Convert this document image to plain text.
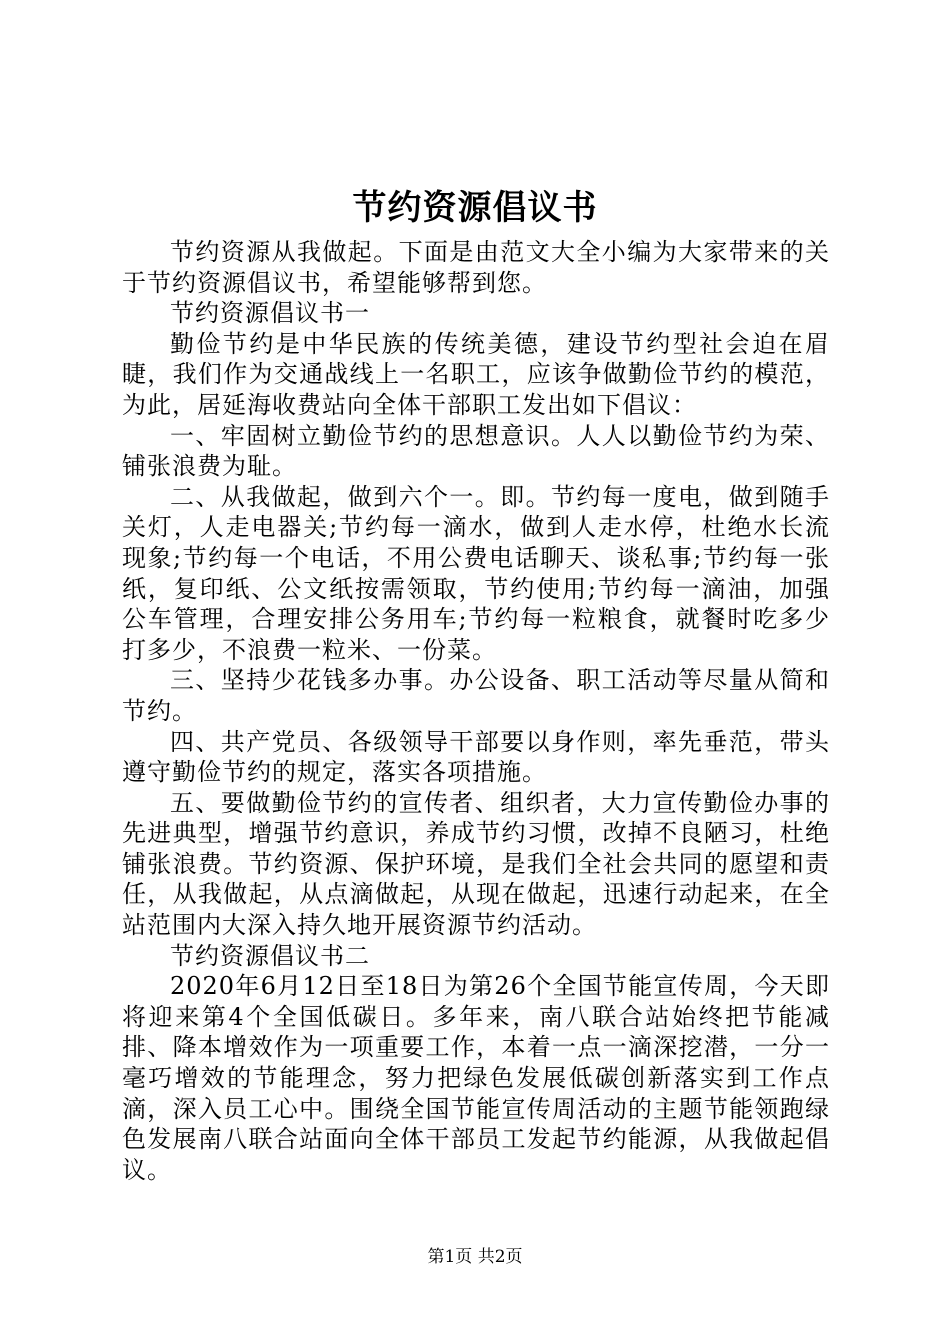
节约资源倡议书

节约资源从我做起。下面是由范文大全小编为大家带来的关于节约资源倡议书，希望能够帮到您。

节约资源倡议书一

勤俭节约是中华民族的传统美德，建设节约型社会迫在眉睫，我们作为交通战线上一名职工，应该争做勤俭节约的模范，为此，居延海收费站向全体干部职工发出如下倡议：

一、牢固树立勤俭节约的思想意识。人人以勤俭节约为荣、铺张浪费为耻。

二、从我做起，做到六个一。即。节约每一度电，做到随手关灯，人走电器关;节约每一滴水，做到人走水停，杜绝水长流现象;节约每一个电话，不用公费电话聊天、谈私事;节约每一张纸，复印纸、公文纸按需领取，节约使用;节约每一滴油，加强公车管理，合理安排公务用车;节约每一粒粮食，就餐时吃多少打多少，不浪费一粒米、一份菜。

三、坚持少花钱多办事。办公设备、职工活动等尽量从简和节约。

四、共产党员、各级领导干部要以身作则，率先垂范，带头遵守勤俭节约的规定，落实各项措施。

五、要做勤俭节约的宣传者、组织者，大力宣传勤俭办事的先进典型，增强节约意识，养成节约习惯，改掉不良陋习，杜绝铺张浪费。节约资源、保护环境，是我们全社会共同的愿望和责任，从我做起，从点滴做起，从现在做起，迅速行动起来，在全站范围内大深入持久地开展资源节约活动。

节约资源倡议书二

2020年6月12日至18日为第26个全国节能宣传周，今天即将迎来第4个全国低碳日。多年来，南八联合站始终把节能减排、降本增效作为一项重要工作，本着一点一滴深挖潜，一分一毫巧增效的节能理念，努力把绿色发展低碳创新落实到工作点滴，深入员工心中。围绕全国节能宣传周活动的主题节能领跑绿色发展南八联合站面向全体干部员工发起节约能源，从我做起倡议。

第1页 共2页
